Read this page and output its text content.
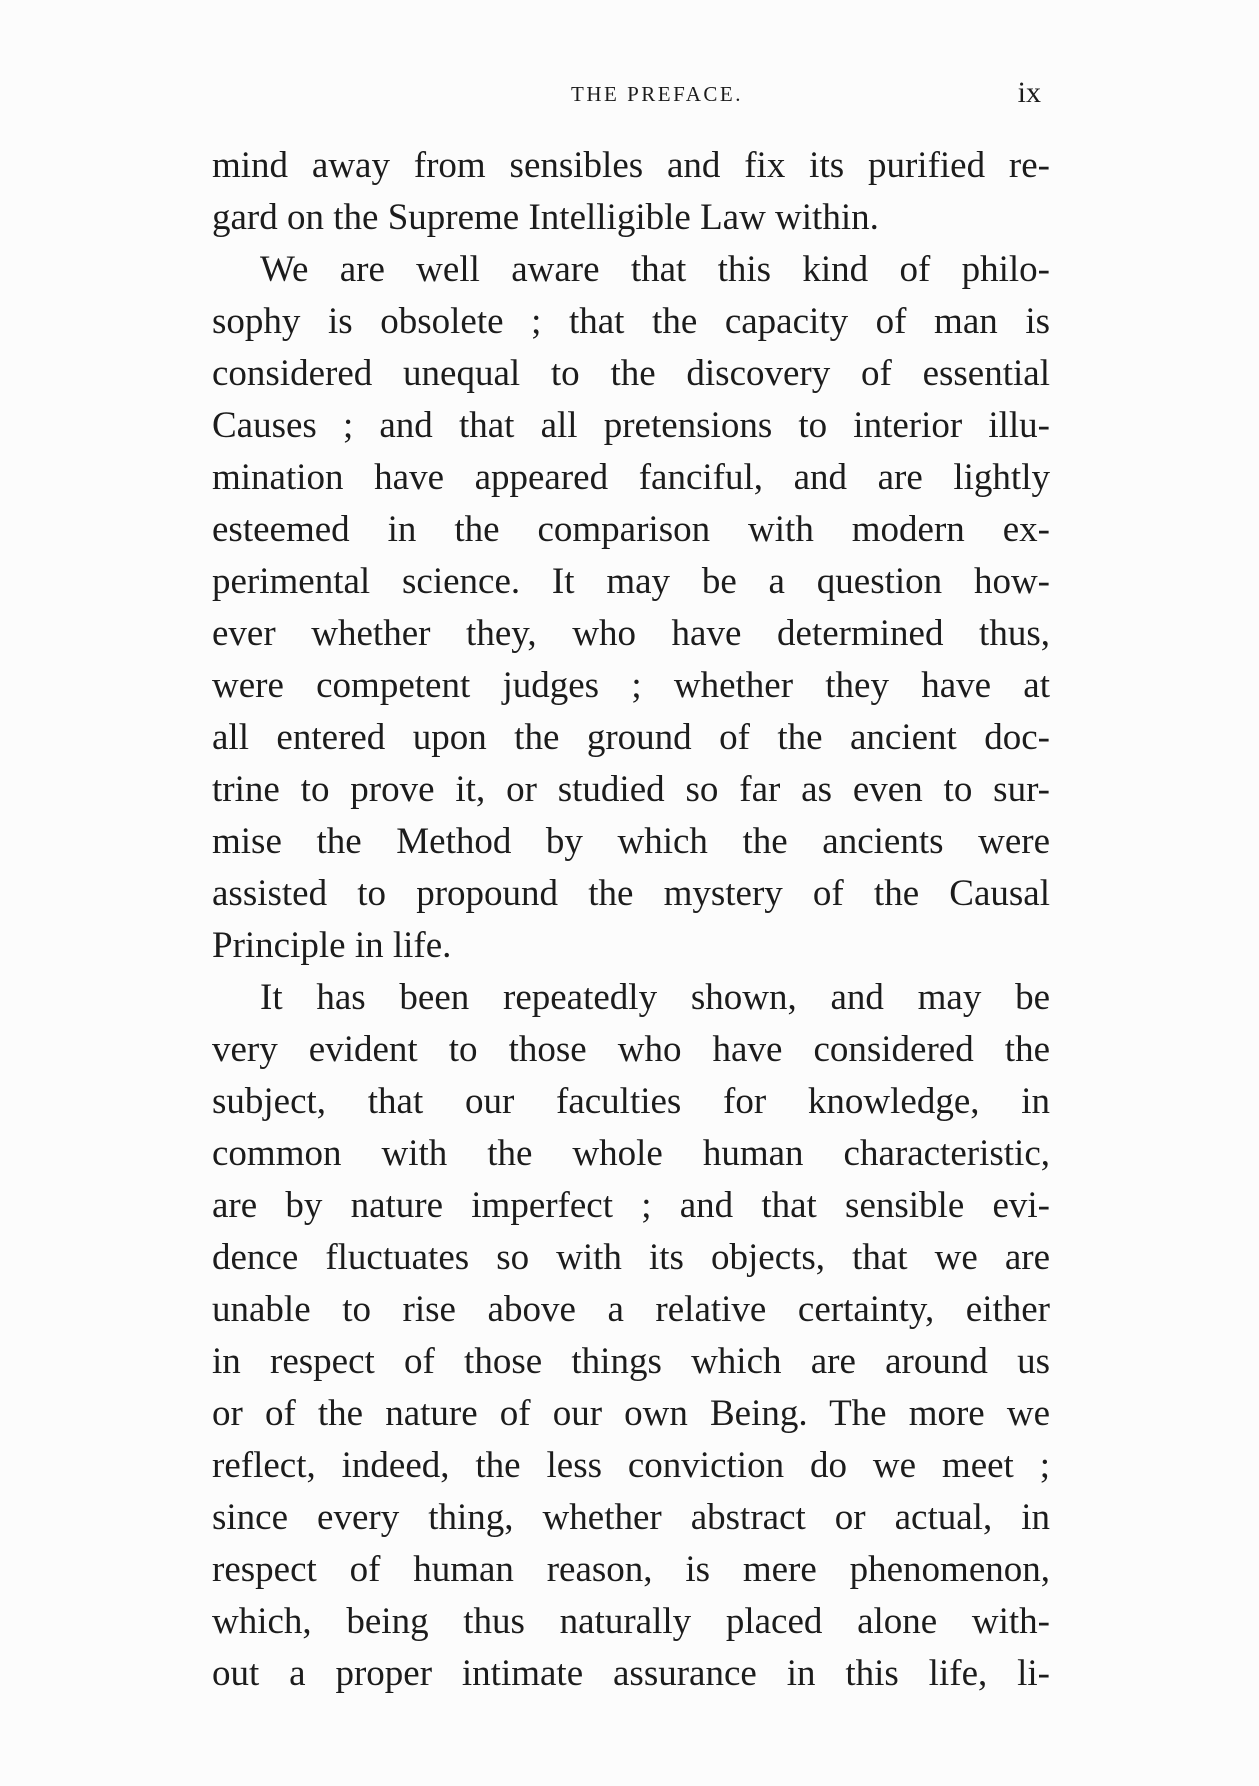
THE PREFACE.	ix
mind away from sensibles and fix its purified re-
gard on the Supreme Intelligible Law within.
We are well aware that this kind of philo-
sophy is obsolete ; that the capacity of man is
considered unequal to the discovery of essential
Causes ; and that all pretensions to interior illu-
mination have appeared fanciful, and are lightly
esteemed in the comparison with modern ex-
perimental science. It may be a question how-
ever whether they, who have determined thus,
were competent judges ; whether they have at
all entered upon the ground of the ancient doc-
trine to prove it, or studied so far as even to sur-
mise the Method by which the ancients were
assisted to propound the mystery of the Causal
Principle in life.
It has been repeatedly shown, and may be
very evident to those who have considered the
subject, that our faculties for knowledge, in
common with the whole human characteristic,
are by nature imperfect ; and that sensible evi-
dence fluctuates so with its objects, that we are
unable to rise above a relative certainty, either
in respect of those things which are around us
or of the nature of our own Being. The more we
reflect, indeed, the less conviction do we meet ;
since every thing, whether abstract or actual, in
respect of human reason, is mere phenomenon,
which, being thus naturally placed alone with-
out a proper intimate assurance in this life, li-
